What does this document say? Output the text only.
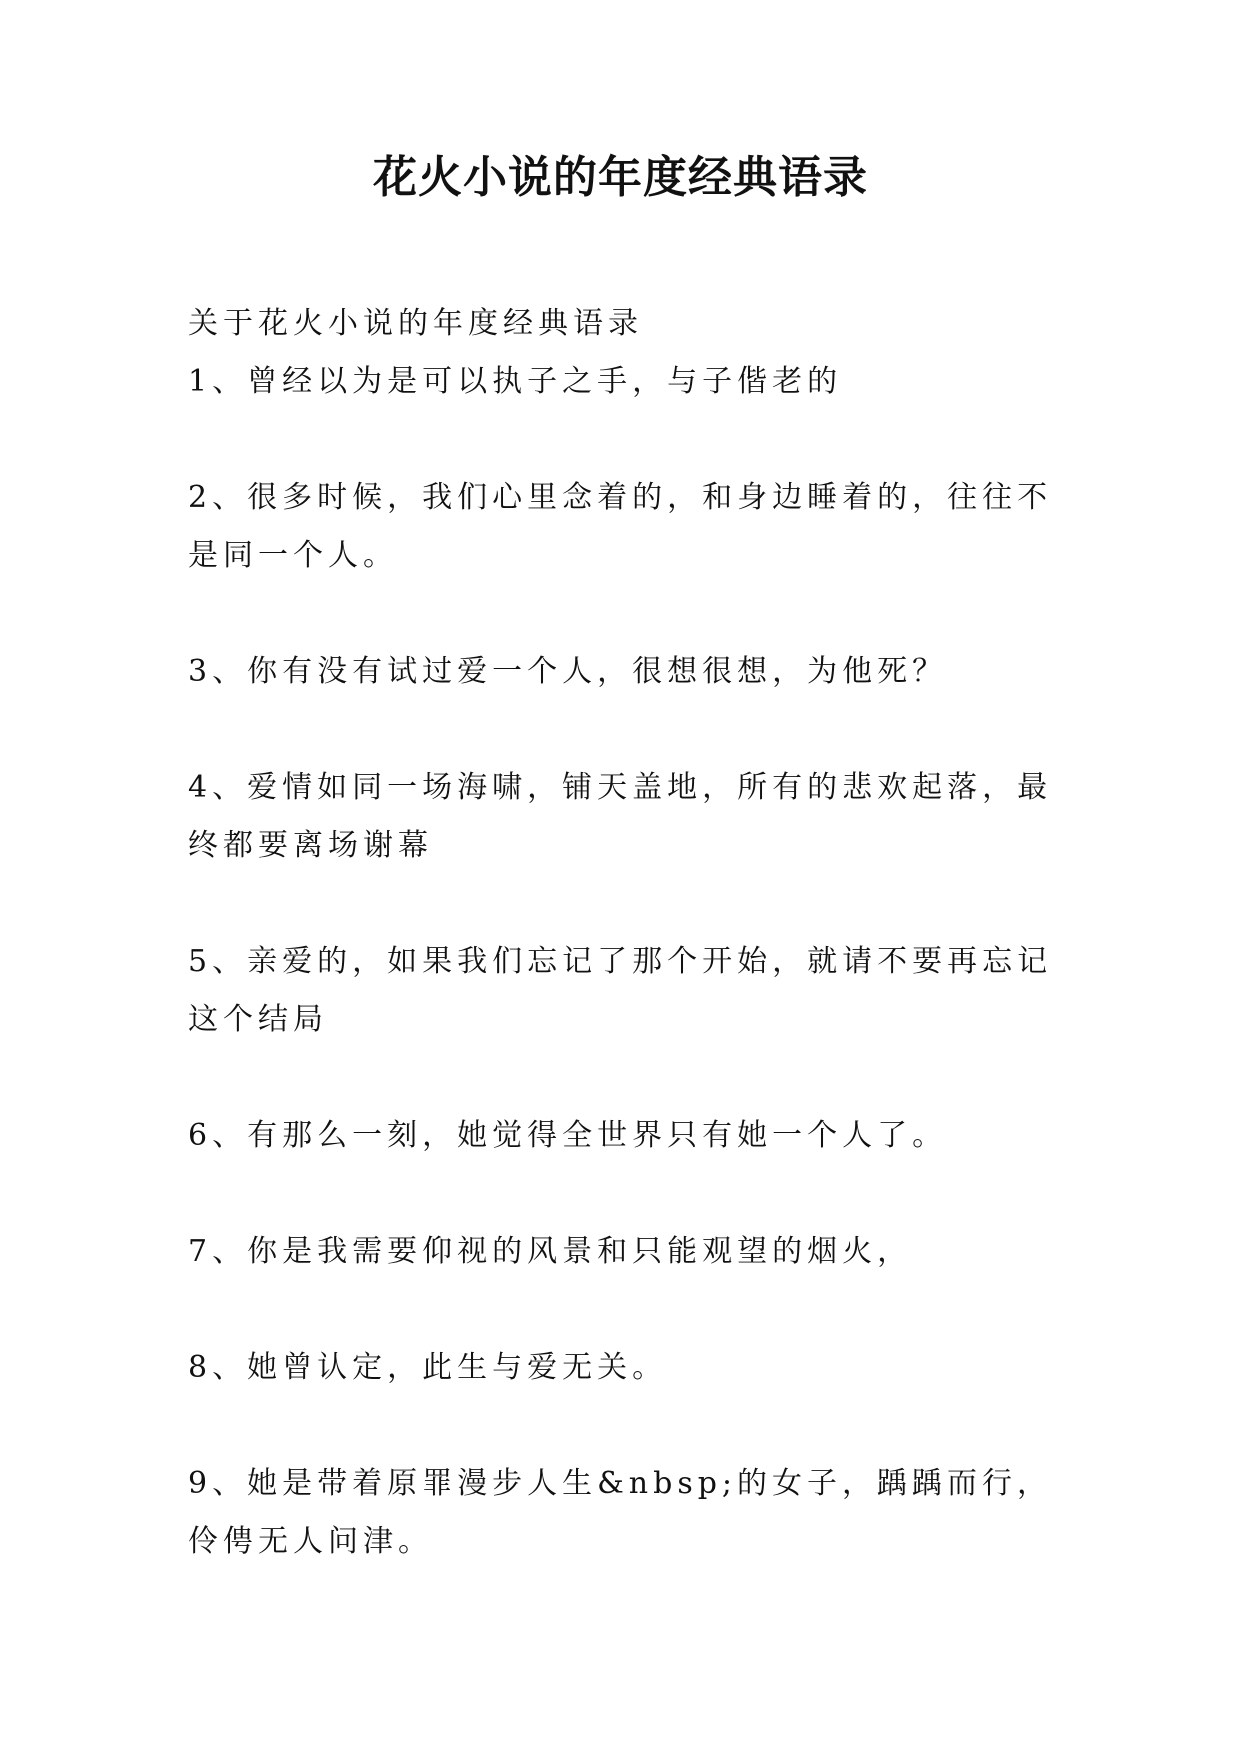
花火小说的年度经典语录

关于花火小说的年度经典语录

1、曾经以为是可以执子之手，与子偕老的

2、很多时候，我们心里念着的，和身边睡着的，往往不是同一个人。

3、你有没有试过爱一个人，很想很想，为他死？

4、爱情如同一场海啸，铺天盖地，所有的悲欢起落，最终都要离场谢幕

5、亲爱的，如果我们忘记了那个开始，就请不要再忘记这个结局

6、有那么一刻，她觉得全世界只有她一个人了。

7、你是我需要仰视的风景和只能观望的烟火，

8、她曾认定，此生与爱无关。

9、她是带着原罪漫步人生&nbsp;的女子，踽踽而行，伶俜无人问津。
